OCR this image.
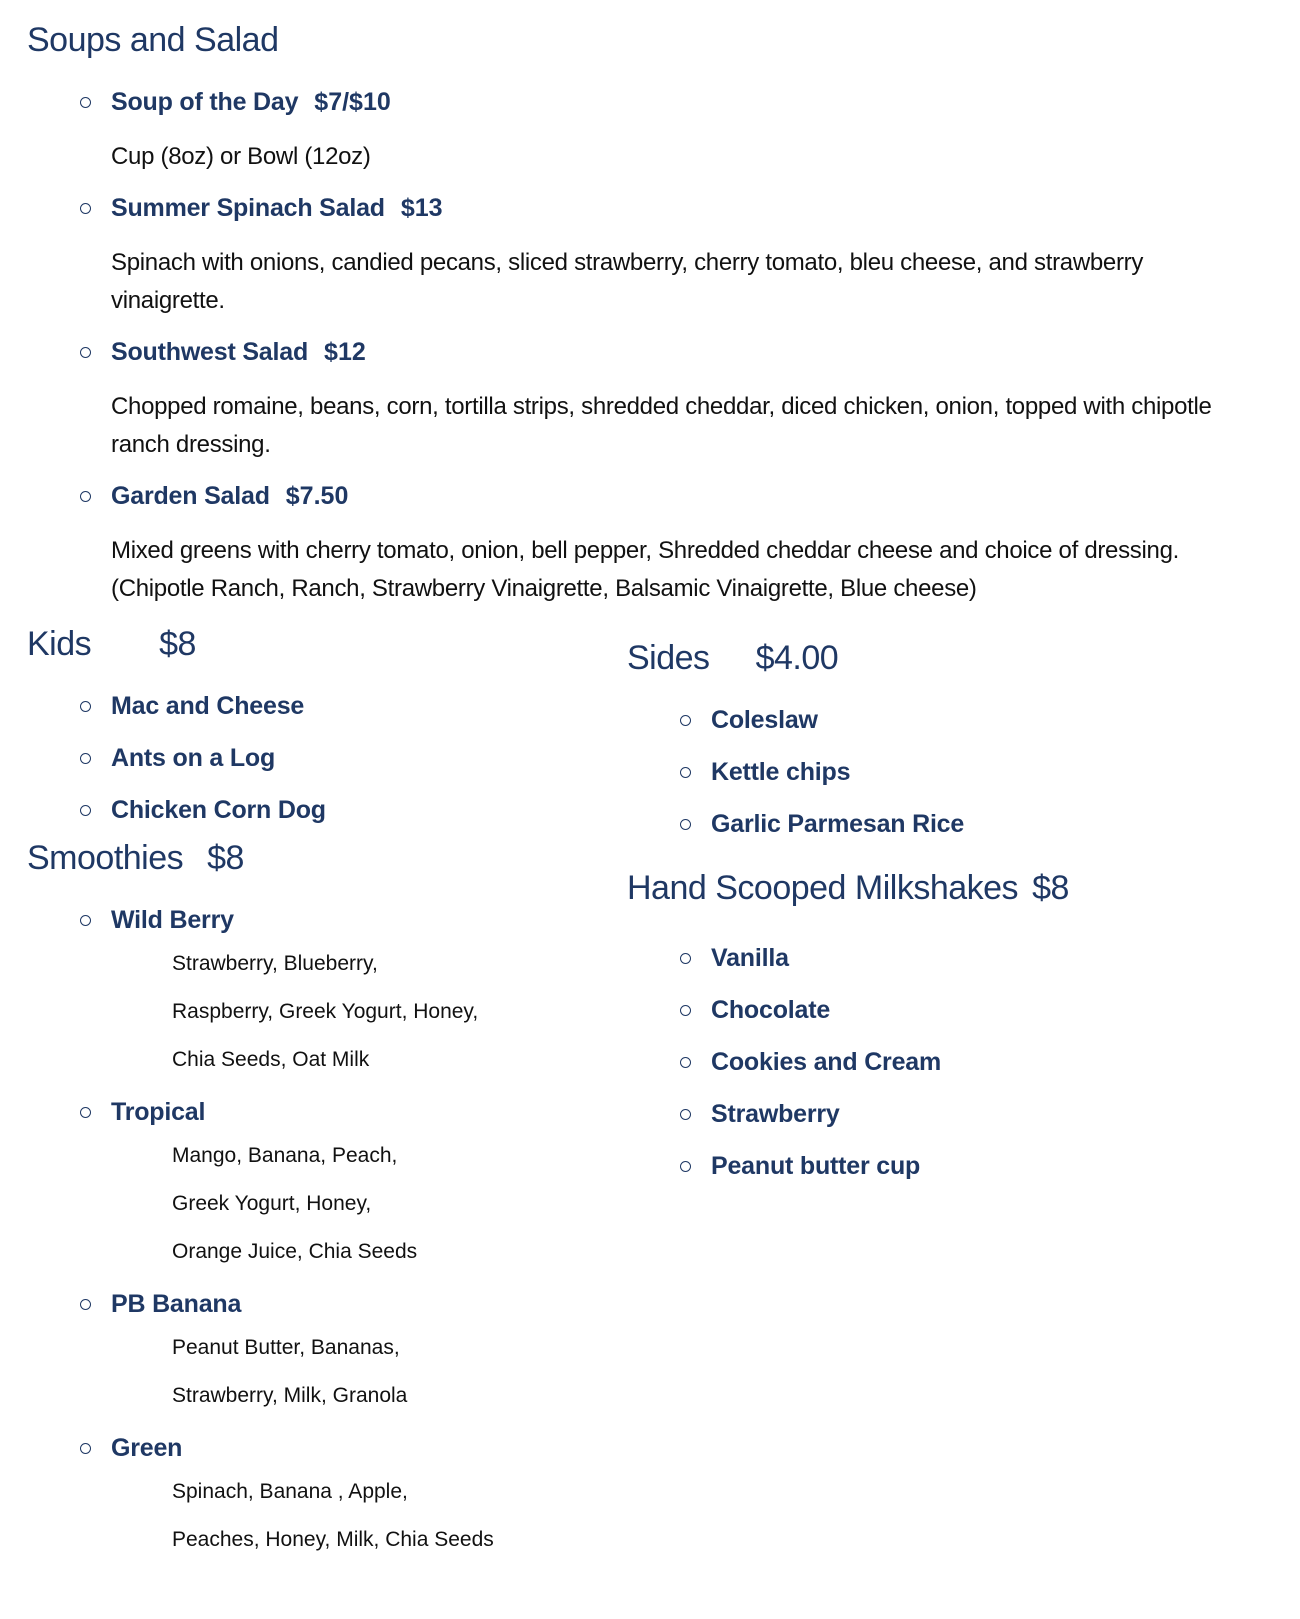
Soups and Salad
Soup of the Day $7/$10

Cup (8oz) or Bowl (12oz)

Summer Spinach Salad $13

Spinach with onions, candied pecans, sliced strawberry, cherry tomato, bleu cheese, and strawberry vinaigrette.

Southwest Salad $12

Chopped romaine, beans, corn, tortilla strips, shredded cheddar, diced chicken, onion, topped with chipotle ranch dressing.

Garden Salad $7.50

Mixed greens with cherry tomato, onion, bell pepper, Shredded cheddar cheese and choice of dressing. (Chipotle Ranch, Ranch, Strawberry Vinaigrette, Balsamic Vinaigrette, Blue cheese)

Kids $8
Mac and Cheese
Ants on a Log
Chicken Corn Dog
Smoothies $8
Wild Berry

Strawberry, Blueberry,

Raspberry, Greek Yogurt, Honey,

Chia Seeds, Oat Milk

Tropical

Mango, Banana, Peach,

Greek Yogurt, Honey,

Orange Juice, Chia Seeds

PB Banana

Peanut Butter, Bananas,

Strawberry, Milk, Granola

Green

Spinach, Banana , Apple,

Peaches, Honey, Milk, Chia Seeds

Sides $4.00
Coleslaw
Kettle chips
Garlic Parmesan Rice
Hand Scooped Milkshakes $8
Vanilla
Chocolate
Cookies and Cream
Strawberry
Peanut butter cup
